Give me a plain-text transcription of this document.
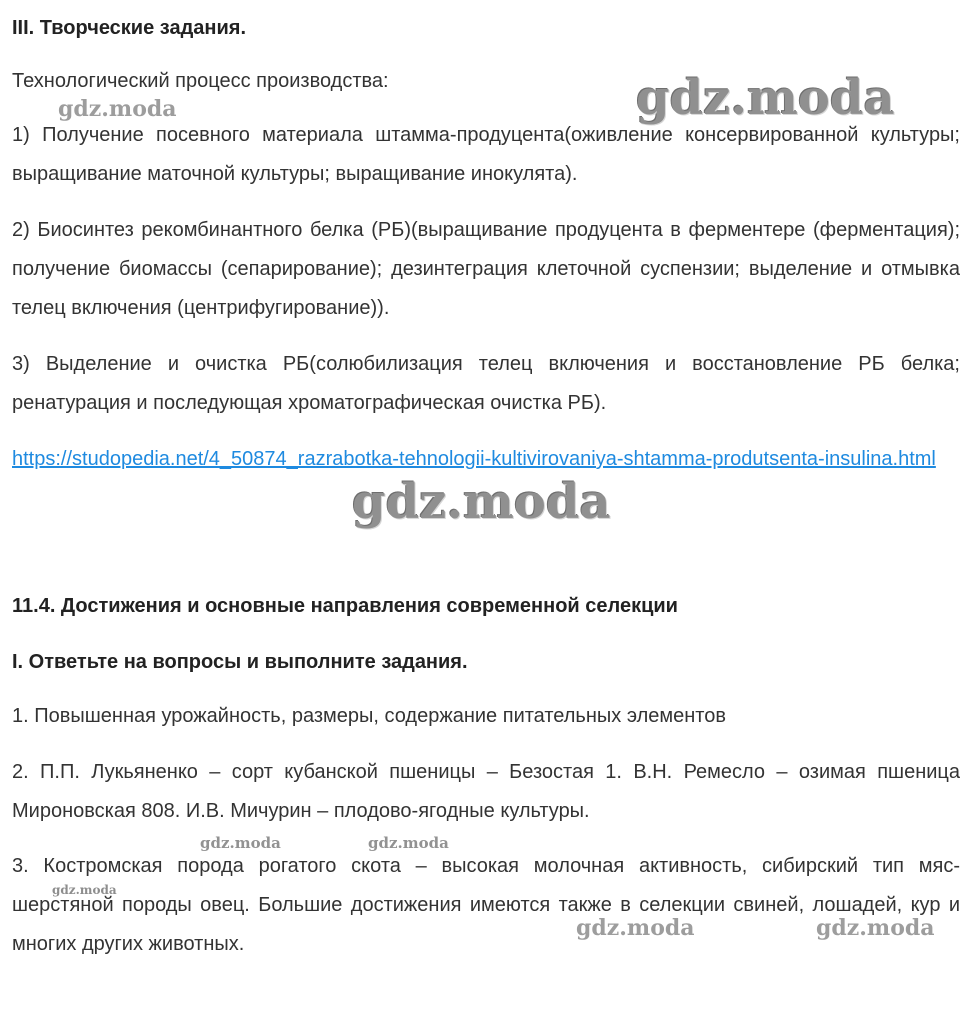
III. Творческие задания.

Технологический процесс производства:

1) Получение посевного материала штамма-продуцента(оживление консервированной культуры; выращивание маточной культуры; выращивание инокулята).

2) Биосинтез рекомбинантного белка (РБ)(выращивание продуцента в ферментере (ферментация); получение биомассы (сепарирование); дезинтеграция клеточной суспензии; выделение и отмывка телец включения (центрифугирование)).

3) Выделение и очистка РБ(солюбилизация телец включения и восстановление РБ белка; ренатурация и последующая хроматографическая очистка РБ).

https://studopedia.net/4_50874_razrabotka-tehnologii-kultivirovaniya-shtamma-produtsenta-insulina.html
11.4. Достижения и основные направления современной селекции
I. Ответьте на вопросы и выполните задания.

1. Повышенная урожайность, размеры, содержание питательных элементов

2. П.П. Лукьяненко – сорт кубанской пшеницы – Безостая 1. В.Н. Ремесло – озимая пшеница Мироновская 808. И.В. Мичурин – плодово-ягодные культуры.

3. Костромская порода рогатого скота – высокая молочная активность, сибирский тип мяс-шерстяной породы овец. Большие достижения имеются также в селекции свиней, лошадей, кур и многих других животных.

gdz.moda
gdz.moda
gdz.moda
gdz.moda	gdz.moda
gdz.moda
gdz.moda	gdz.moda
